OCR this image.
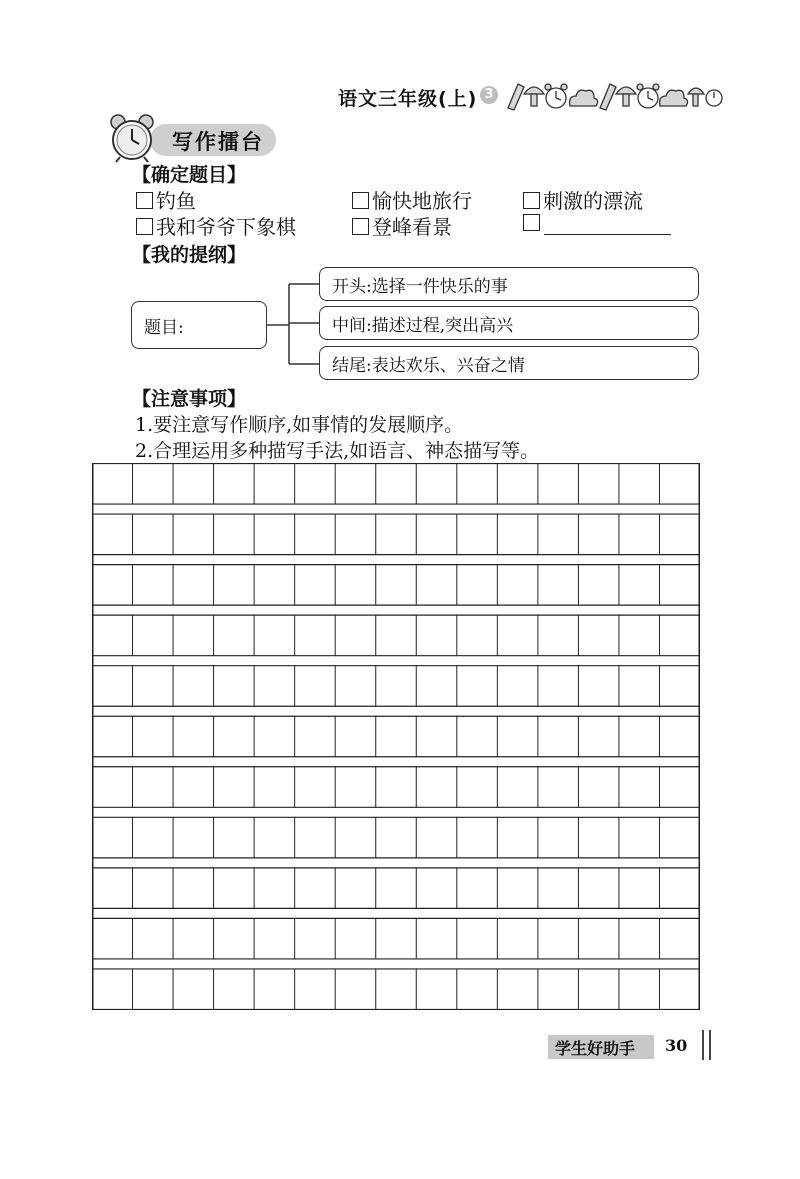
语文三年级(上) 3
写作擂台
【确定题目】
钓鱼	愉快地旅行	刺激的漂流
我和爷爷下象棋	登峰看景
【我的提纲】
题目:
开头:选择一件快乐的事
中间:描述过程,突出高兴
结尾:表达欢乐、兴奋之情
【注意事项】
1.要注意写作顺序,如事情的发展顺序。
2.合理运用多种描写手法,如语言、神态描写等。
学生好助手 30
